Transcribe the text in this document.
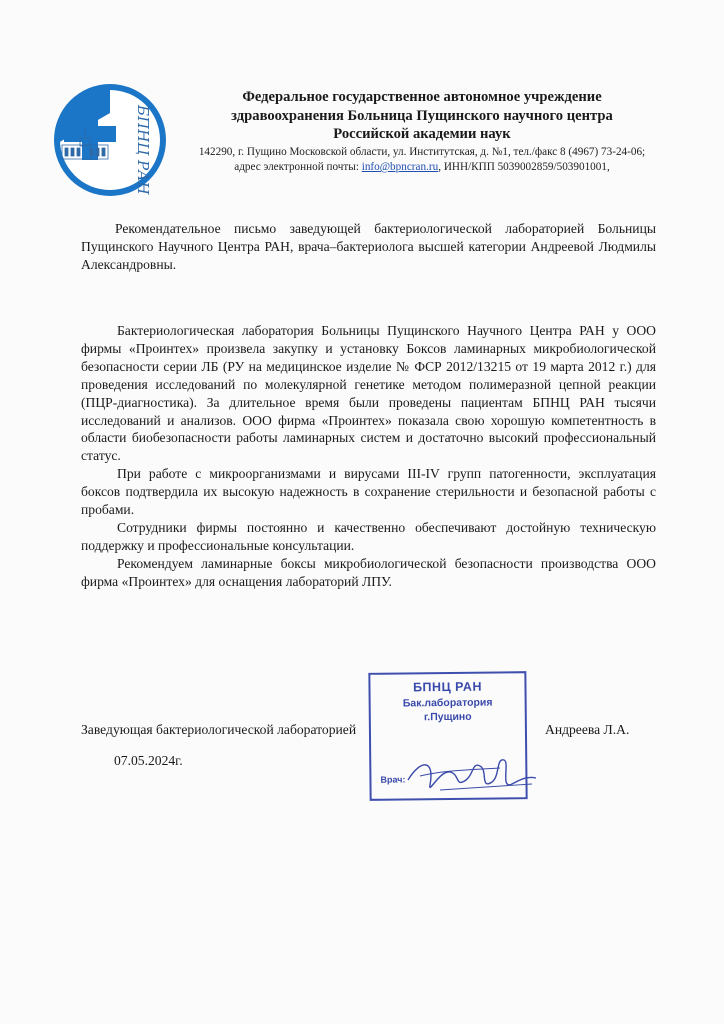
БПНЦ РАН
Федеральное государственное автономное учреждение
здравоохранения Больница Пущинского научного центра
Российской академии наук
142290, г. Пущино Московской области, ул. Институтская, д. №1, тел./факс 8 (4967) 73-24-06;
адрес электронной почты: info@bpncran.ru, ИНН/КПП 5039002859/503901001,
Рекомендательное письмо заведующей бактериологической лабораторией Больницы Пущинского Научного Центра РАН, врача–бактериолога высшей категории Андреевой Людмилы Александровны.

Бактериологическая лаборатория Больницы Пущинского Научного Центра РАН у ООО фирмы «Проинтех» произвела закупку и установку Боксов ламинарных микробиологической безопасности серии ЛБ (РУ на медицинское изделие № ФСР 2012/13215 от 19 марта 2012 г.) для проведения исследований по молекулярной генетике методом полимеразной цепной реакции (ПЦР-диагностика). За длительное время были проведены пациентам БПНЦ РАН тысячи исследований и анализов. ООО фирма «Проинтех» показала свою хорошую компетентность в области биобезопасности работы ламинарных систем и достаточно высокий профессиональный статус.

При работе с микроорганизмами и вирусами III-IV групп патогенности, эксплуатация боксов подтвердила их высокую надежность в сохранение стерильности и безопасной работы с пробами.

Сотрудники фирмы постоянно и качественно обеспечивают достойную техническую поддержку и профессиональные консультации.

Рекомендуем ламинарные боксы микробиологической безопасности производства ООО фирма «Проинтех» для оснащения лабораторий ЛПУ.

БПНЦ РАН
Бак.лаборатория
г.Пущино
Врач:
Заведующая бактериологической лабораторией	Андреева Л.А.
07.05.2024г.
